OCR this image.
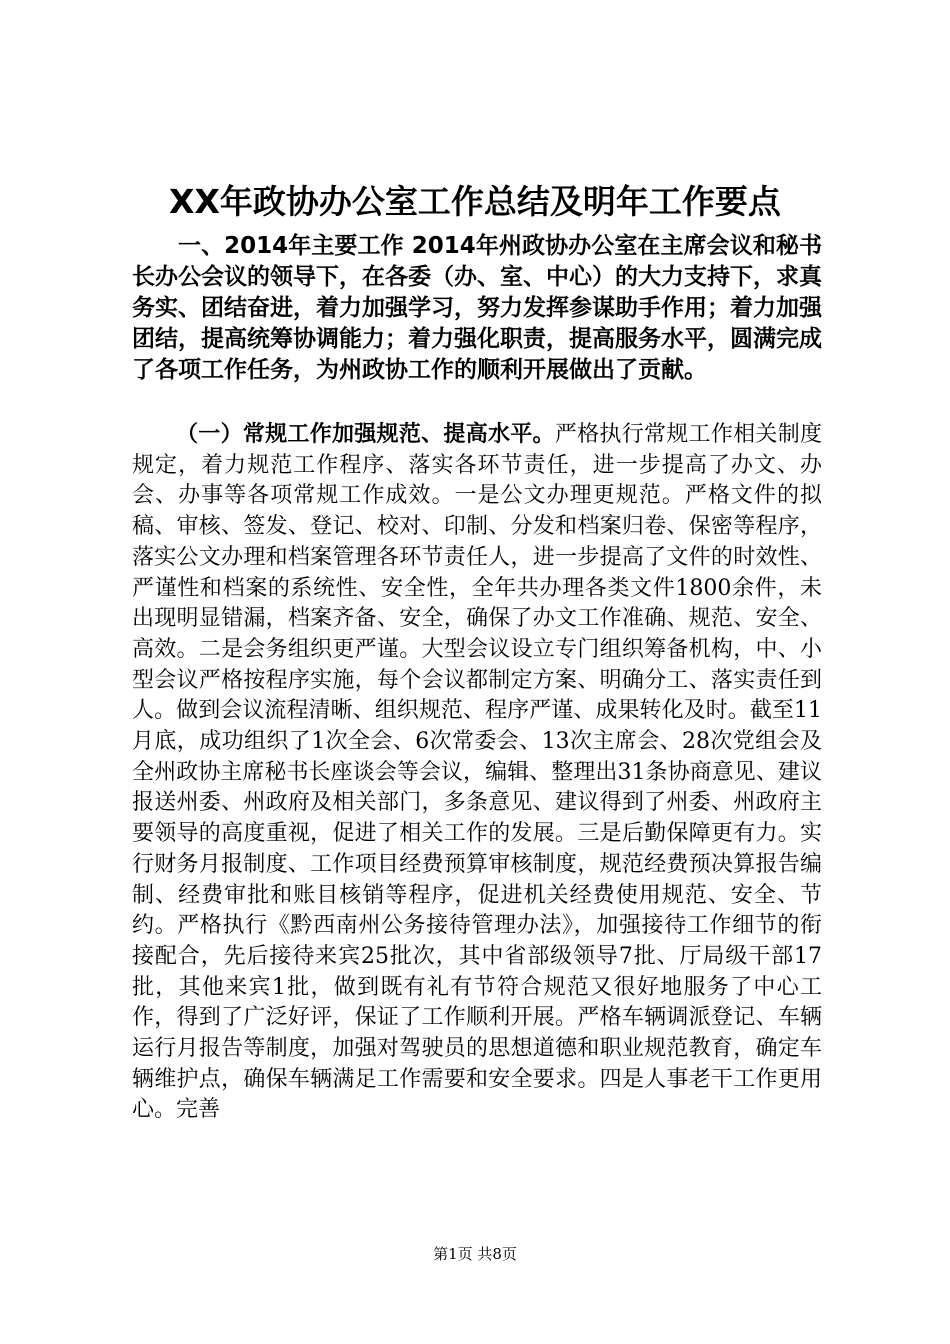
XX年政协办公室工作总结及明年工作要点
一、2014年主要工作 2014年州政协办公室在主席会议和秘书长办公会议的领导下，在各委（办、室、中心）的大力支持下，求真务实、团结奋进，着力加强学习，努力发挥参谋助手作用；着力加强团结，提高统筹协调能力；着力强化职责，提高服务水平，圆满完成了各项工作任务，为州政协工作的顺利开展做出了贡献。
（一）常规工作加强规范、提高水平。严格执行常规工作相关制度规定，着力规范工作程序、落实各环节责任，进一步提高了办文、办会、办事等各项常规工作成效。一是公文办理更规范。严格文件的拟稿、审核、签发、登记、校对、印制、分发和档案归卷、保密等程序，落实公文办理和档案管理各环节责任人，进一步提高了文件的时效性、严谨性和档案的系统性、安全性，全年共办理各类文件1800余件，未出现明显错漏，档案齐备、安全，确保了办文工作准确、规范、安全、高效。二是会务组织更严谨。大型会议设立专门组织筹备机构，中、小型会议严格按程序实施，每个会议都制定方案、明确分工、落实责任到人。做到会议流程清晰、组织规范、程序严谨、成果转化及时。截至11月底，成功组织了1次全会、6次常委会、13次主席会、28次党组会及全州政协主席秘书长座谈会等会议，编辑、整理出31条协商意见、建议报送州委、州政府及相关部门，多条意见、建议得到了州委、州政府主要领导的高度重视，促进了相关工作的发展。三是后勤保障更有力。实行财务月报制度、工作项目经费预算审核制度，规范经费预决算报告编制、经费审批和账目核销等程序，促进机关经费使用规范、安全、节约。严格执行《黔西南州公务接待管理办法》，加强接待工作细节的衔接配合，先后接待来宾25批次，其中省部级领导7批、厅局级干部17批，其他来宾1批，做到既有礼有节符合规范又很好地服务了中心工作，得到了广泛好评，保证了工作顺利开展。严格车辆调派登记、车辆运行月报告等制度，加强对驾驶员的思想道德和职业规范教育，确定车辆维护点，确保车辆满足工作需要和安全要求。四是人事老干工作更用心。完善
第1页 共8页
